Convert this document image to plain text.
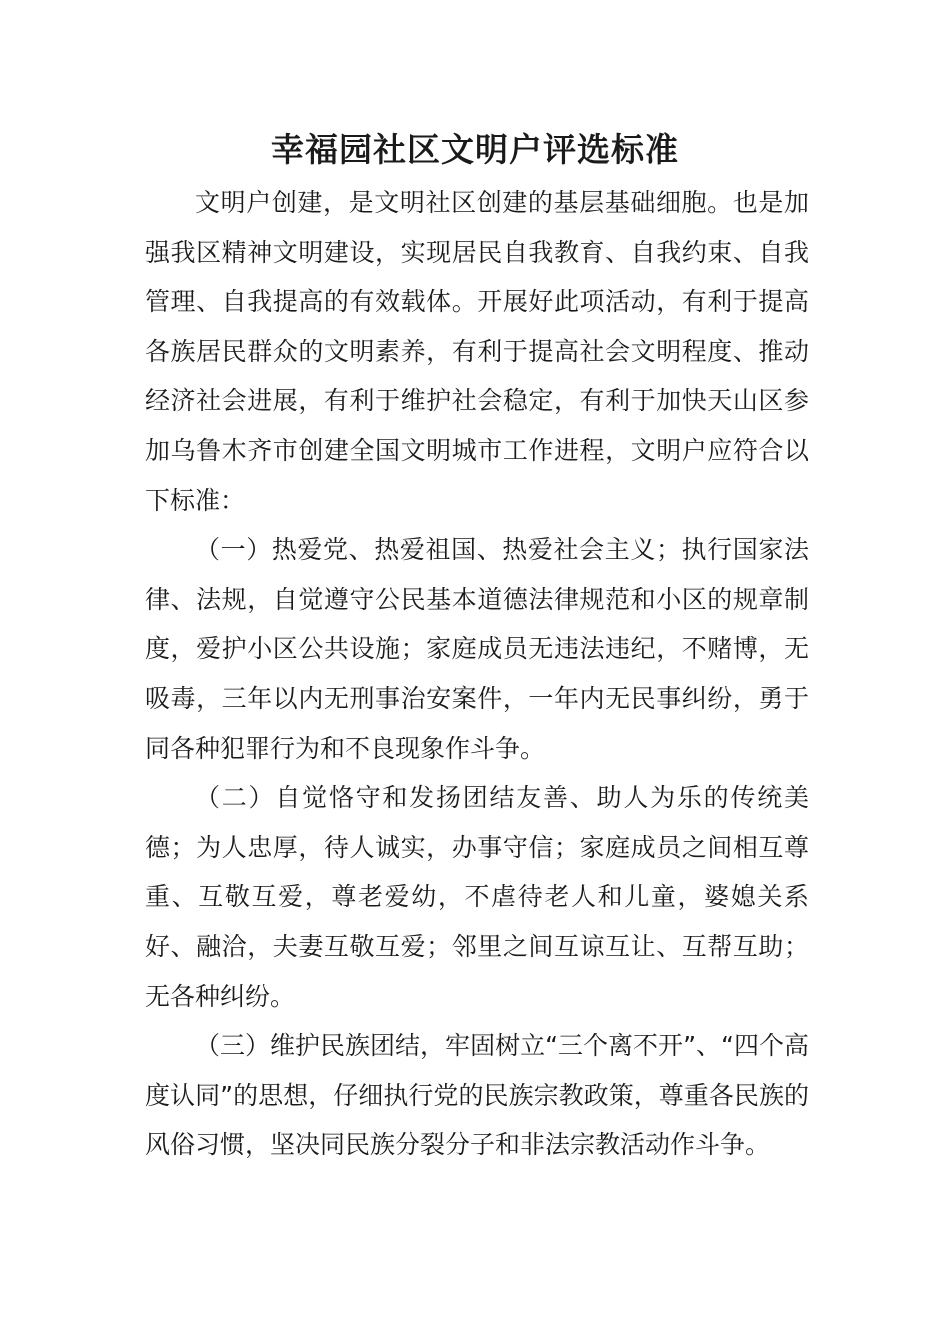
幸福园社区文明户评选标准

文明户创建，是文明社区创建的基层基础细胞。也是加强我区精神文明建设，实现居民自我教育、自我约束、自我管理、自我提高的有效载体。开展好此项活动，有利于提高各族居民群众的文明素养，有利于提高社会文明程度、推动经济社会进展，有利于维护社会稳定，有利于加快天山区参加乌鲁木齐市创建全国文明城市工作进程，文明户应符合以下标准：

（一）热爱党、热爱祖国、热爱社会主义；执行国家法律、法规，自觉遵守公民基本道德法律规范和小区的规章制度，爱护小区公共设施；家庭成员无违法违纪，不赌博，无吸毒，三年以内无刑事治安案件，一年内无民事纠纷，勇于同各种犯罪行为和不良现象作斗争。

（二）自觉恪守和发扬团结友善、助人为乐的传统美德；为人忠厚，待人诚实，办事守信；家庭成员之间相互尊重、互敬互爱，尊老爱幼，不虐待老人和儿童，婆媳关系好、融洽，夫妻互敬互爱；邻里之间互谅互让、互帮互助；无各种纠纷。

（三）维护民族团结，牢固树立“三个离不开”、“四个高度认同”的思想，仔细执行党的民族宗教政策，尊重各民族的风俗习惯，坚决同民族分裂分子和非法宗教活动作斗争。
